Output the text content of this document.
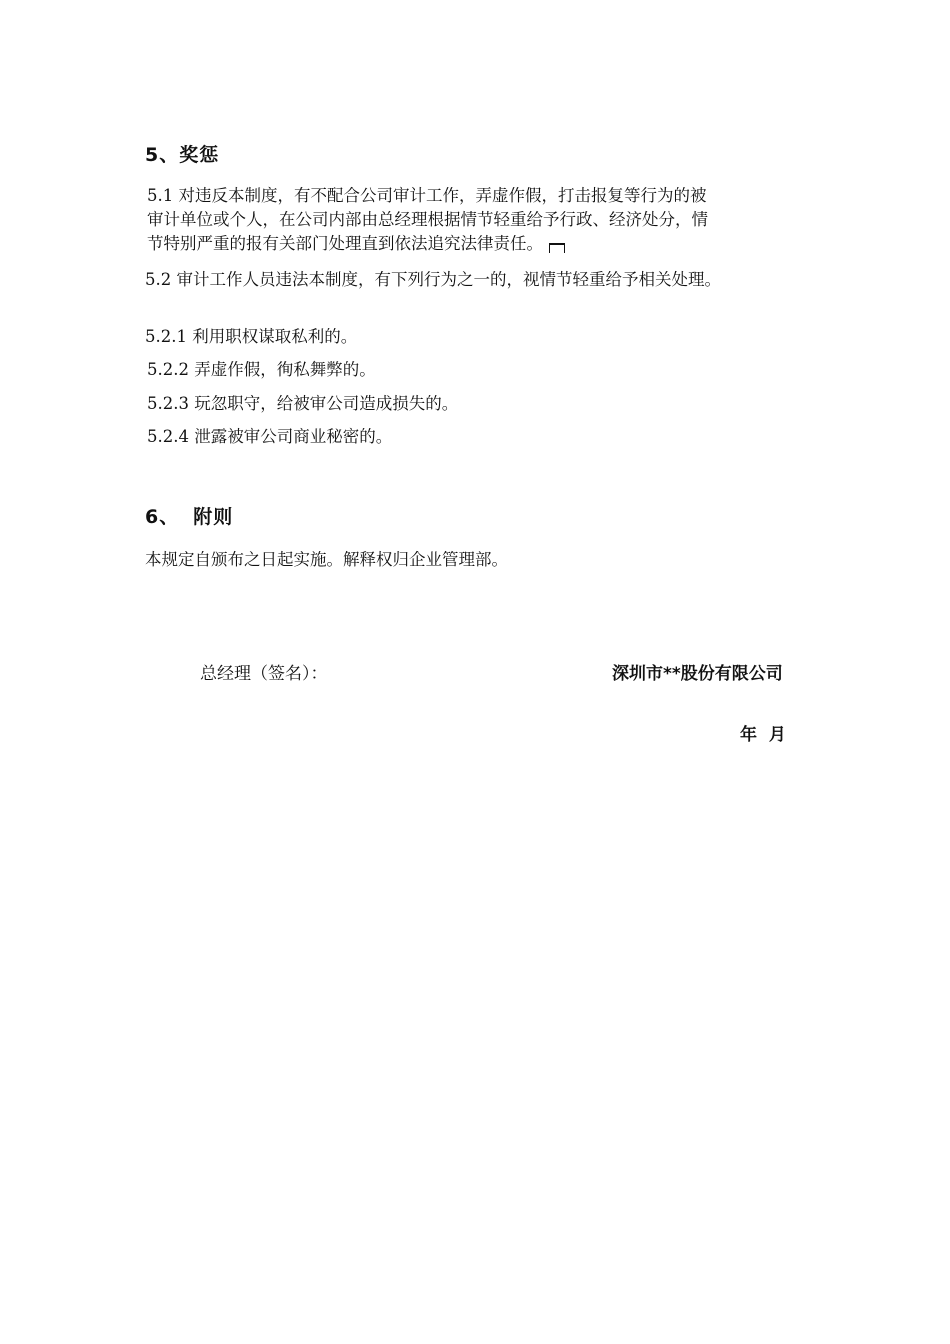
5、奖惩
5.1 对违反本制度，有不配合公司审计工作，弄虚作假，打击报复等行为的被
审计单位或个人，在公司内部由总经理根据情节轻重给予行政、经济处分，情
节特别严重的报有关部门处理直到依法追究法律责任。
5.2 审计工作人员违法本制度，有下列行为之一的，视情节轻重给予相关处理。
5.2.1 利用职权谋取私利的。
5.2.2 弄虚作假，徇私舞弊的。
5.2.3 玩忽职守，给被审公司造成损失的。
5.2.4 泄露被审公司商业秘密的。
6、 附则
本规定自颁布之日起实施。解释权归企业管理部。
总经理（签名）：	深圳市**股份有限公司
年  月
